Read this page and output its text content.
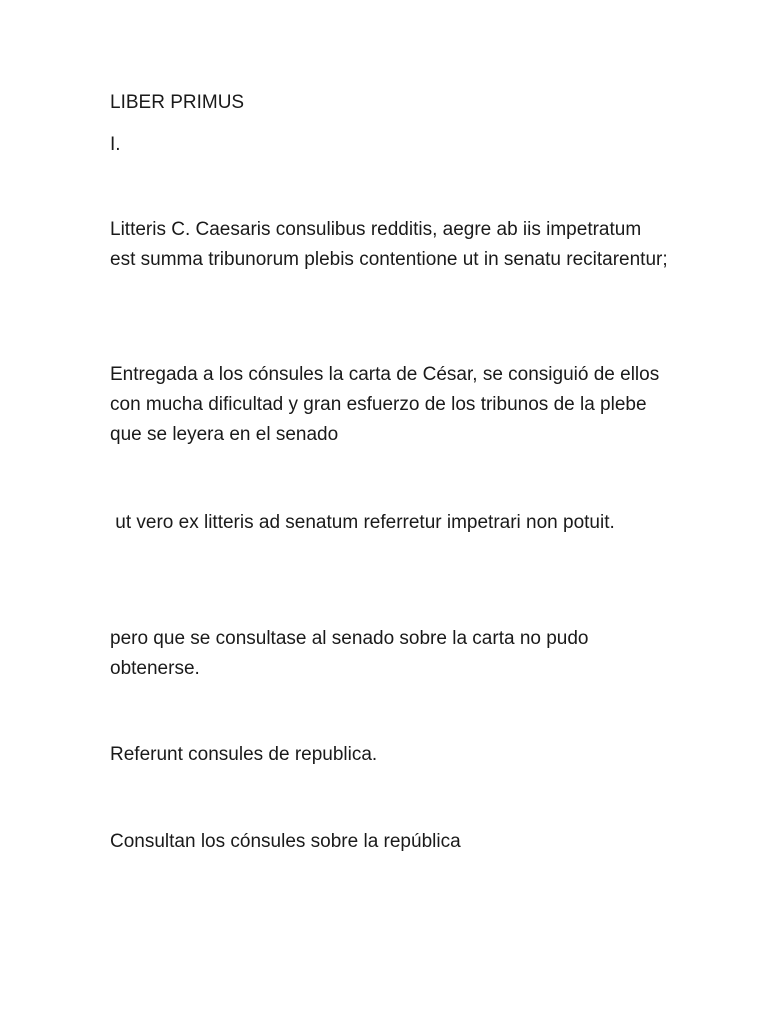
LIBER PRIMUS
I.
Litteris C. Caesaris consulibus redditis, aegre ab iis impetratum est summa tribunorum plebis contentione ut in senatu recitarentur;
Entregada a los cónsules la carta de César, se consiguió de ellos con mucha dificultad y gran esfuerzo de los tribunos de la plebe que se leyera en el senado
ut vero ex litteris ad senatum referretur impetrari non potuit.
pero que se consultase al senado sobre la carta no pudo obtenerse.
Referunt consules de republica.
Consultan los cónsules sobre la república
